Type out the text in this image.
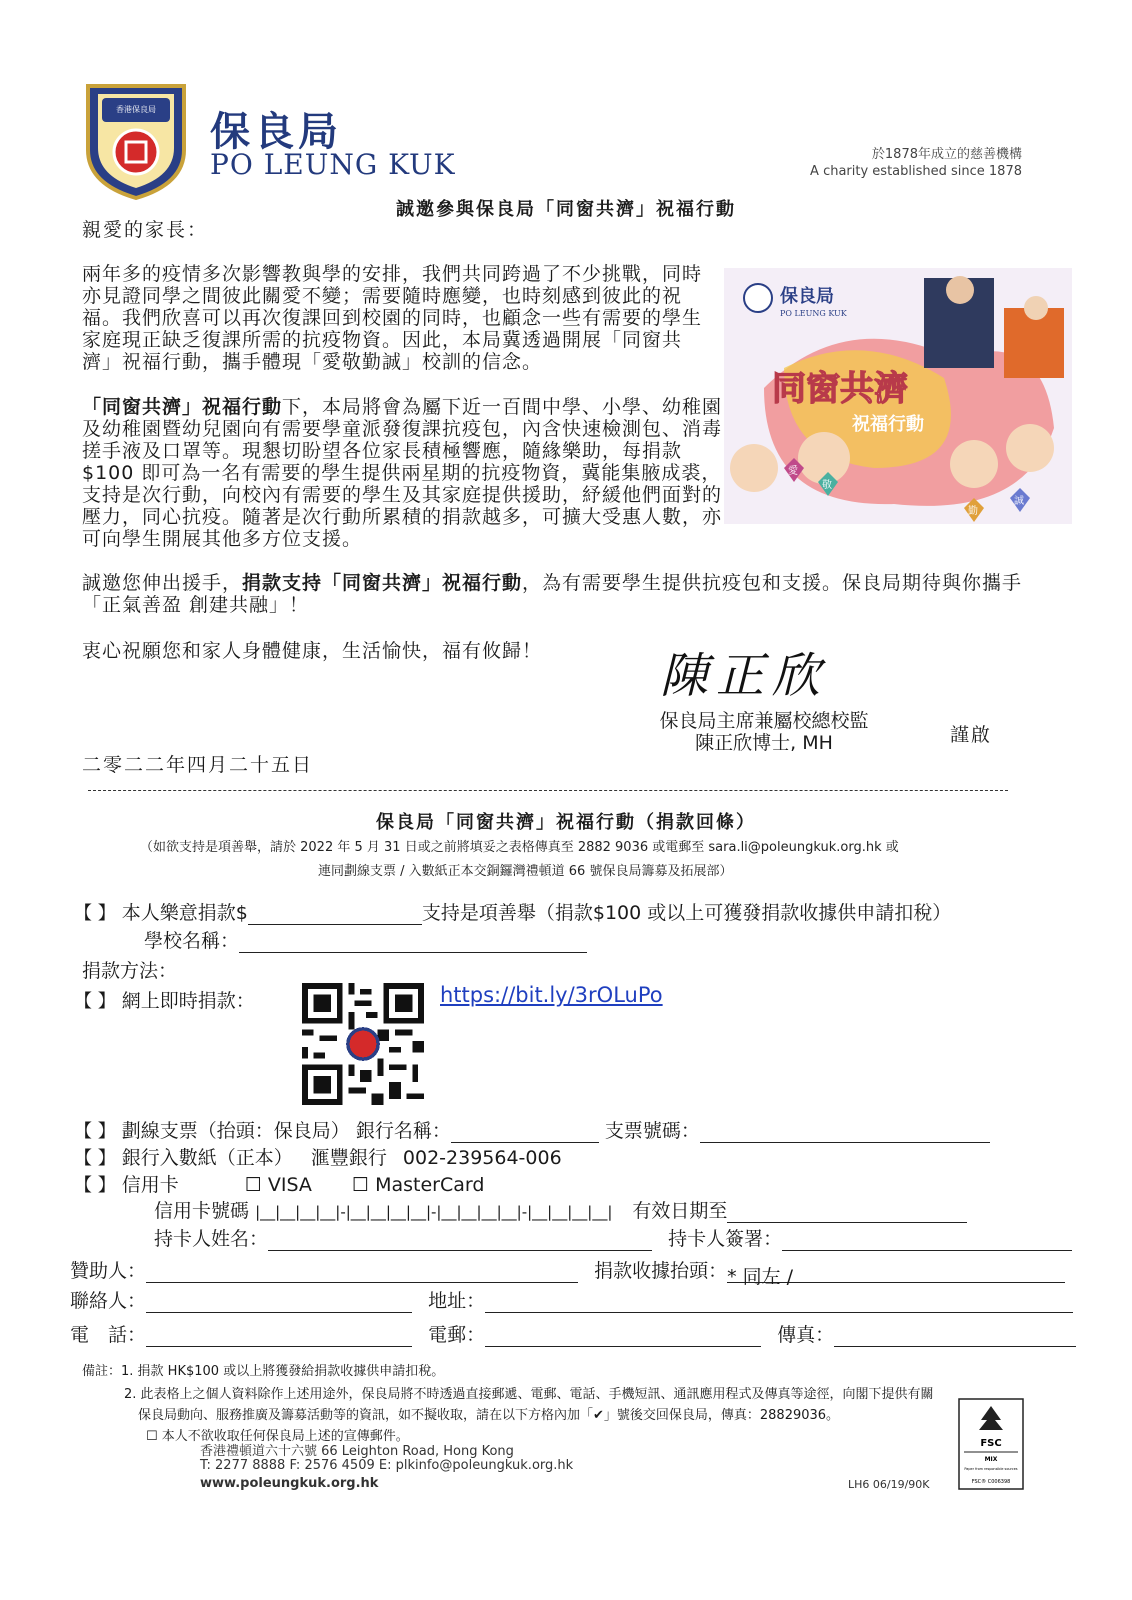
香港保良局 保良局
PO LEUNG KUK	於1878年成立的慈善機構
A charity established since 1878
誠邀參與保良局「同窗共濟」祝福行動
親愛的家長：
兩年多的疫情多次影響教與學的安排，我們共同跨過了不少挑戰，同時亦見證同學之間彼此關愛不變；需要隨時應變，也時刻感到彼此的祝福。我們欣喜可以再次復課回到校園的同時，也顧念一些有需要的學生家庭現正缺乏復課所需的抗疫物資。因此，本局冀透過開展「同窗共濟」祝福行動，攜手體現「愛敬勤誠」校訓的信念。
「同窗共濟」祝福行動下，本局將會為屬下近一百間中學、小學、幼稚園及幼稚園暨幼兒園向有需要學童派發復課抗疫包，內含快速檢測包、消毒搓手液及口罩等。現懇切盼望各位家長積極響應，隨緣樂助，每捐款$100 即可為一名有需要的學生提供兩星期的抗疫物資，冀能集腋成裘，支持是次行動，向校內有需要的學生及其家庭提供援助，紓緩他們面對的壓力，同心抗疫。隨著是次行動所累積的捐款越多，可擴大受惠人數，亦可向學生開展其他多方位支援。
保良局
PO LEUNG KUK
同窗共濟
祝福行動
愛
敬
勤
誠
誠邀您伸出援手，捐款支持「同窗共濟」祝福行動，為有需要學生提供抗疫包和支援。保良局期待與你攜手「正氣善盈 創建共融」！
衷心祝願您和家人身體健康，生活愉快，福有攸歸！ 陳正欣
保良局主席兼屬校總校監
陳正欣博士, MH	謹啟
二零二二年四月二十五日
保良局「同窗共濟」祝福行動（捐款回條）
（如欲支持是項善舉，請於 2022 年 5 月 31 日或之前將填妥之表格傳真至 2882 9036 或電郵至 sara.li@poleungkuk.org.hk 或
連同劃線支票 / 入數紙正本交銅鑼灣禮頓道 66 號保良局籌募及拓展部）
【 】 本人樂意捐款$	支持是項善舉（捐款$100 或以上可獲發捐款收據供申請扣稅）
學校名稱：
捐款方法：
【 】 網上即時捐款：	https://bit.ly/3rOLuPo
【 】 劃線支票（抬頭：保良局） 銀行名稱：	支票號碼：
【 】 銀行入數紙（正本） 滙豐銀行 002-239564-006
【 】 信用卡	☐ VISA ☐ MasterCard
信用卡號碼 |__|__|__|__|-|__|__|__|__|-|__|__|__|__|-|__|__|__|__| 有效日期至
持卡人姓名：	持卡人簽署：
贊助人：	捐款收據抬頭：* 同左 /
聯絡人：	地址：
電　話：	電郵：	傳真：
備註：1. 捐款 HK$100 或以上將獲發給捐款收據供申請扣稅。
2. 此表格上之個人資料除作上述用途外，保良局將不時透過直接郵遞、電郵、電話、手機短訊、通訊應用程式及傳真等途徑，向閣下提供有關
保良局動向、服務推廣及籌募活動等的資訊，如不擬收取，請在以下方格內加「✔」號後交回保良局，傳真：28829036。
☐ 本人不欲收取任何保良局上述的宣傳郵件。
香港禮頓道六十六號 66 Leighton Road, Hong Kong
T: 2277 8888 F: 2576 4509 E: plkinfo@poleungkuk.org.hk
www.poleungkuk.org.hk	LH6 06/19/90K
FSC
MIX
Paper from responsible sources
FSC® C006398
